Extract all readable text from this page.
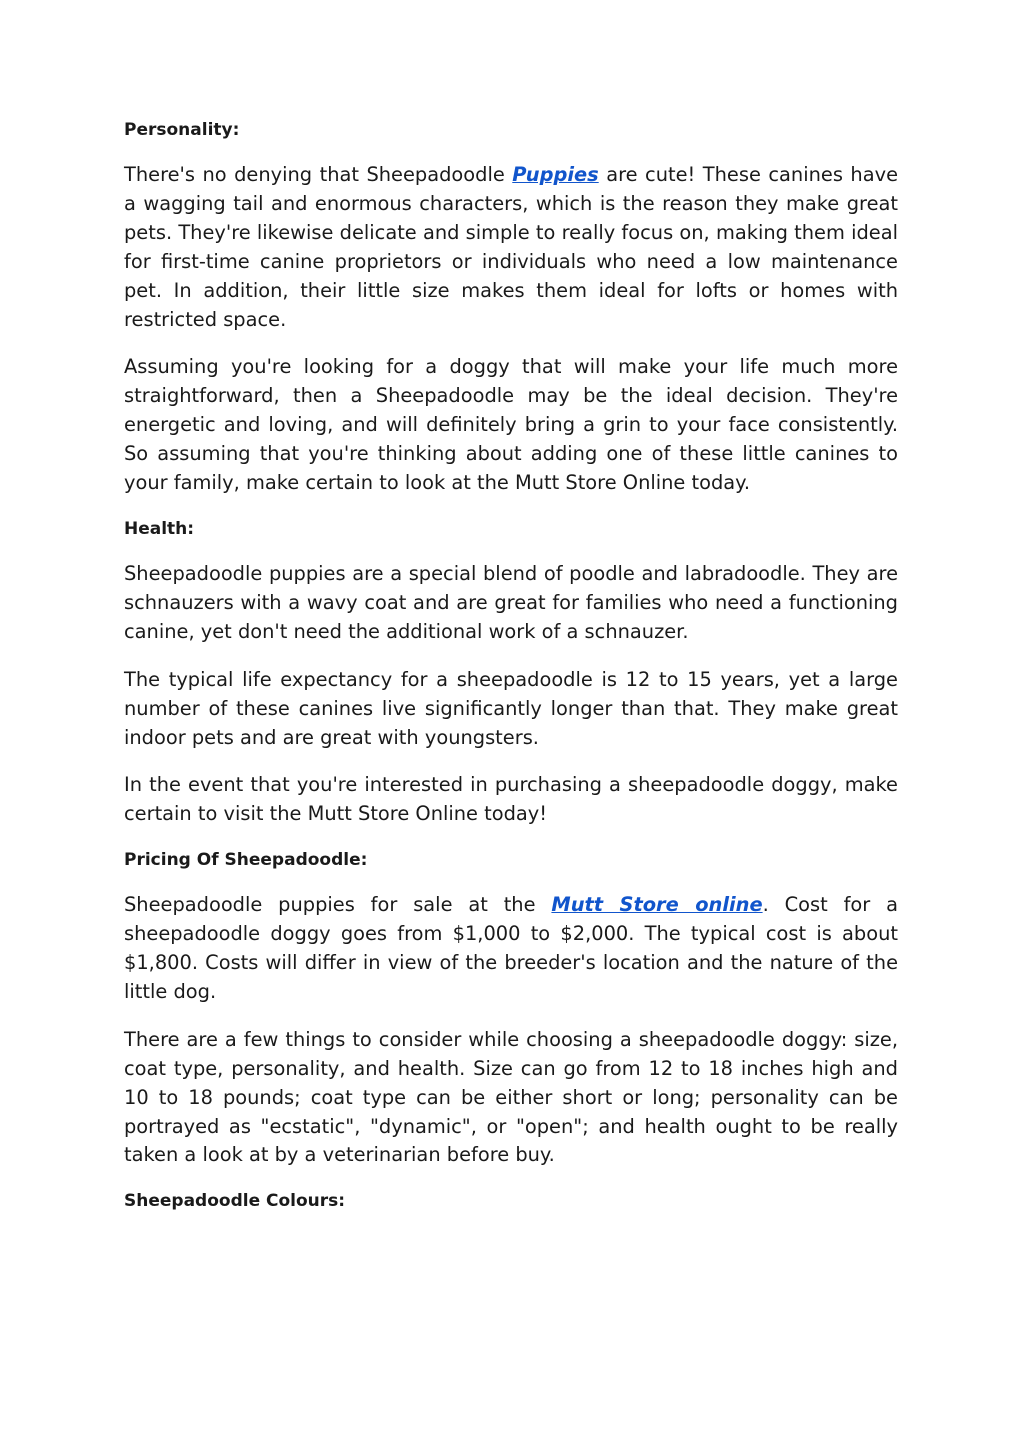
Personality:

There's no denying that Sheepadoodle Puppies are cute! These canines have a wagging tail and enormous characters, which is the reason they make great pets. They're likewise delicate and simple to really focus on, making them ideal for first-time canine proprietors or individuals who need a low maintenance pet. In addition, their little size makes them ideal for lofts or homes with restricted space.

Assuming you're looking for a doggy that will make your life much more straightforward, then a Sheepadoodle may be the ideal decision. They're energetic and loving, and will definitely bring a grin to your face consistently. So assuming that you're thinking about adding one of these little canines to your family, make certain to look at the Mutt Store Online today.

Health:

Sheepadoodle puppies are a special blend of poodle and labradoodle. They are schnauzers with a wavy coat and are great for families who need a functioning canine, yet don't need the additional work of a schnauzer.

The typical life expectancy for a sheepadoodle is 12 to 15 years, yet a large number of these canines live significantly longer than that. They make great indoor pets and are great with youngsters.

In the event that you're interested in purchasing a sheepadoodle doggy, make certain to visit the Mutt Store Online today!

Pricing Of Sheepadoodle:

Sheepadoodle puppies for sale at the Mutt Store online. Cost for a sheepadoodle doggy goes from $1,000 to $2,000. The typical cost is about $1,800. Costs will differ in view of the breeder's location and the nature of the little dog.

There are a few things to consider while choosing a sheepadoodle doggy: size, coat type, personality, and health. Size can go from 12 to 18 inches high and 10 to 18 pounds; coat type can be either short or long; personality can be portrayed as "ecstatic", "dynamic", or "open"; and health ought to be really taken a look at by a veterinarian before buy.

Sheepadoodle Colours:
